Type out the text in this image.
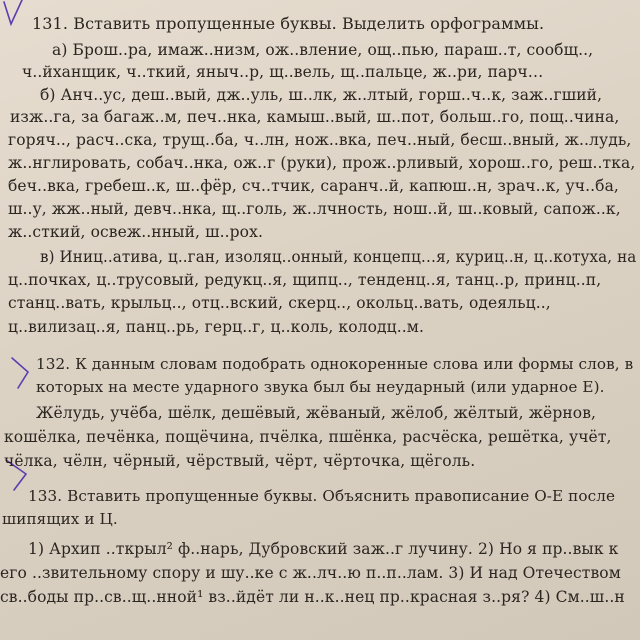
131. Вставить пропущенные буквы. Выделить орфограммы.
а) Брош..ра, имаж..низм, ож..вление, ощ..пью, параш..т, сообщ..,
ч..йханщик, ч..ткий, яныч..р, щ..вель, щ..пальце, ж..ри, парч…
б) Анч..ус, деш..вый, дж..уль, ш..лк, ж..лтый, горш..ч..к, заж..гший,
изж..га, за багаж..м, печ..нка, камыш..вый, ш..пот, больш..го, пощ..чина,
горяч.., расч..ска, трущ..ба, ч..лн, нож..вка, печ..ный, бесш..вный, ж..лудь,
ж..нглировать, собач..нка, ож..г (руки), прож..рливый, хорош..го, реш..тка,
беч..вка, гребеш..к, ш..фёр, сч..тчик, саранч..й, капюш..н, зрач..к, уч..ба,
ш..у, жж..ный, девч..нка, щ..голь, ж..лчность, нош..й, ш..ковый, сапож..к,
ж..сткий, освеж..нный, ш..рох.
в) Иниц..атива, ц..ган, изоляц..онный, концепц…я, куриц..н, ц..котуха, на
ц..почках, ц..трусовый, редукц..я, щипц.., тенденц..я, танц..р, принц..п,
станц..вать, крыльц.., отц..вский, скерц.., окольц..вать, одеяльц..,
ц..вилизац..я, панц..рь, герц..г, ц..коль, колодц..м.
132. К данным словам подобрать однокоренные слова или формы слов, в
которых на месте ударного звука был бы неударный (или ударное Е).
Жёлудь, учёба, шёлк, дешёвый, жёваный, жёлоб, жёлтый, жёрнов,
кошёлка, печёнка, пощёчина, пчёлка, пшёнка, расчёска, решётка, учёт,
чёлка, чёлн, чёрный, чёрствый, чёрт, чёрточка, щёголь.
133. Вставить пропущенные буквы. Объяснить правописание О-Е после
шипящих и Ц.
1) Архип ..ткрыл² ф..нарь, Дубровский заж..г лучину. 2) Но я пр..вык к
его ..звительному спору и шу..ке с ж..лч..ю п..п..лам. 3) И над Отечеством
св..боды пр..св..щ..нной¹ вз..йдёт ли н..к..нец пр..красная з..ря? 4) См..ш..н
